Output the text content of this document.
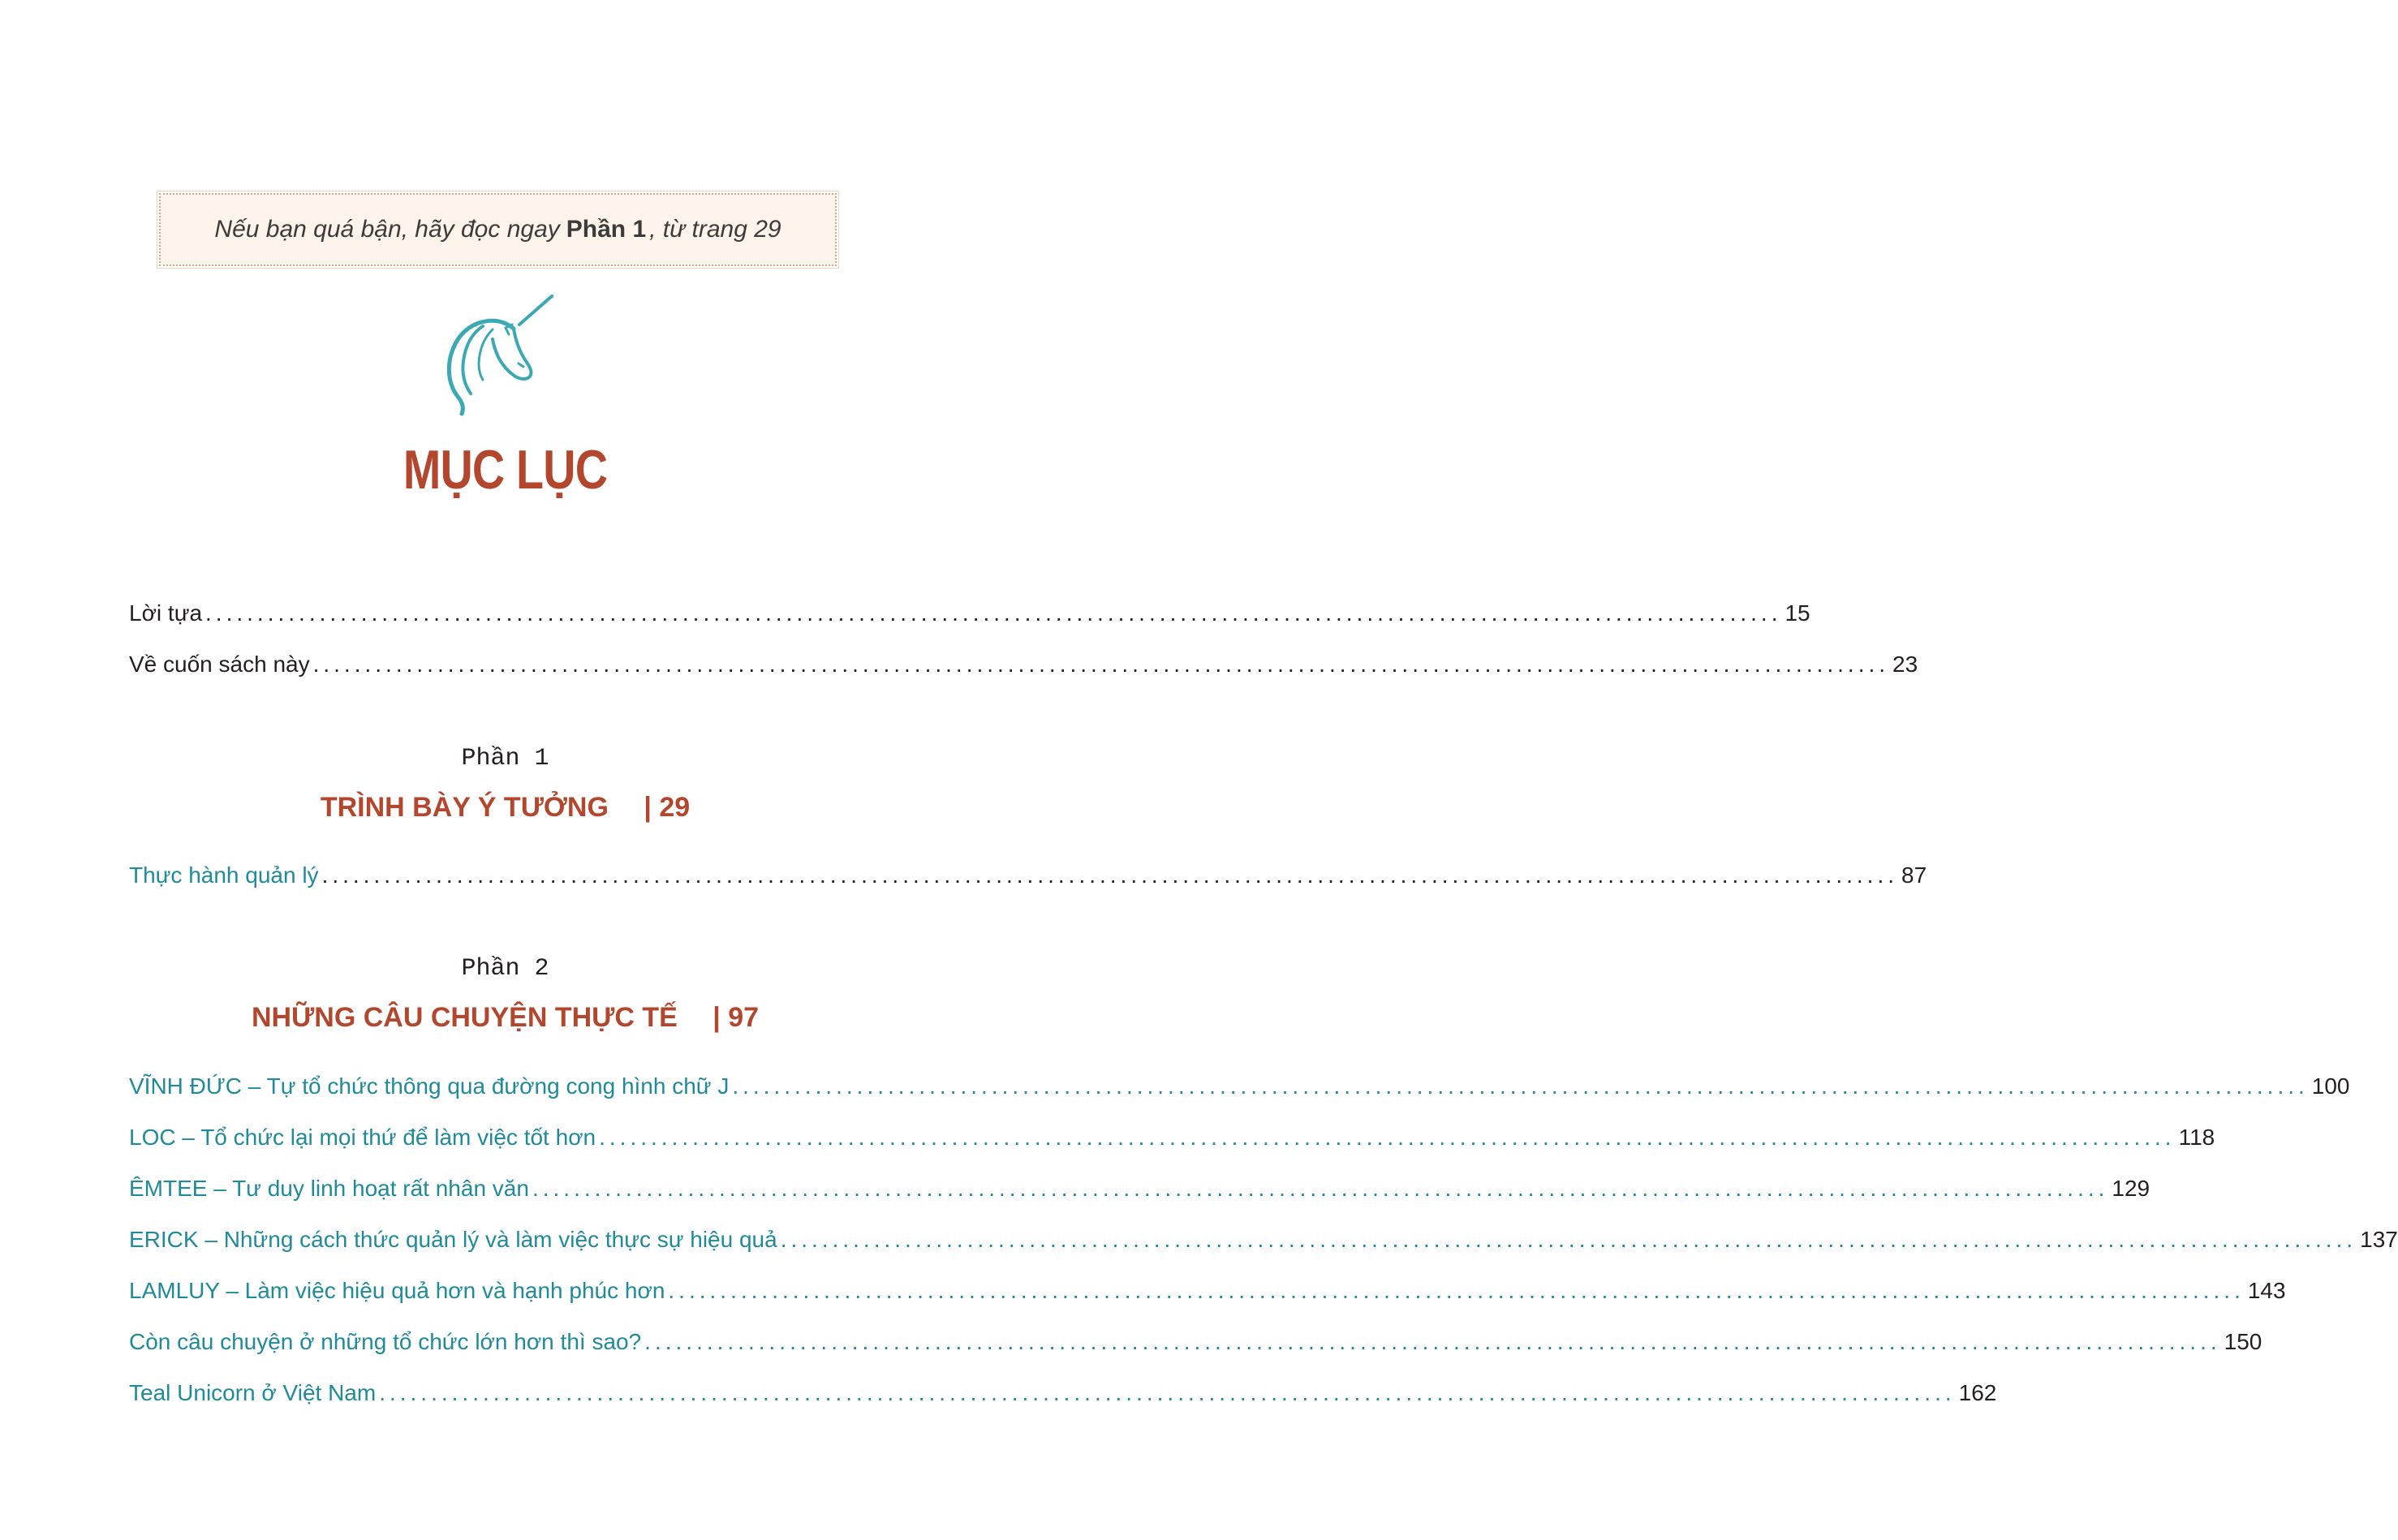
Nếu bạn quá bận, hãy đọc ngay Phần 1 , từ trang 29
MỤC LỤC
Lời tựa ........................................................................................................................................................ 15
Về cuốn sách này ........................................................................................................................................................ 23
Phần 1
TRÌNH BÀY Ý TƯỞNG | 29
Thực hành quản lý ........................................................................................................................................................ 87
Phần 2
NHỮNG CÂU CHUYỆN THỰC TẾ | 97
VĨNH ĐỨC – Tự tổ chức thông qua đường cong hình chữ J ........................................................................................................................................................ 100
LOC – Tổ chức lại mọi thứ để làm việc tốt hơn ........................................................................................................................................................ 118
ÊMTEE – Tư duy linh hoạt rất nhân văn ........................................................................................................................................................ 129
ERICK – Những cách thức quản lý và làm việc thực sự hiệu quả ........................................................................................................................................................ 137
LAMLUY – Làm việc hiệu quả hơn và hạnh phúc hơn ........................................................................................................................................................ 143
Còn câu chuyện ở những tổ chức lớn hơn thì sao? ........................................................................................................................................................ 150
Teal Unicorn ở Việt Nam ........................................................................................................................................................ 162
